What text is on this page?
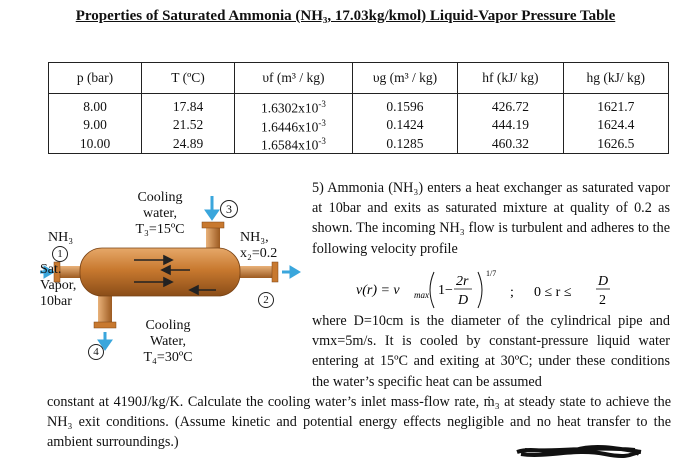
Properties of Saturated Ammonia (NH₃, 17.03kg/kmol) Liquid-Vapor Pressure Table
p (bar)	T (ºC)	υf (m³ / kg)	υg (m³ / kg)	hf (kJ/ kg)	hg (kJ/ kg)
8.00	17.84	$1.6302x10^{-3}$	0.1596	426.72	1621.7
9.00	21.52	$1.6446x10^{-3}$	0.1424	444.19	1624.4
10.00	24.89	$1.6584x10^{-3}$	0.1285	460.32	1626.5
Cooling water, T₃=15ºC
3
NH₃
1
Sat. Vapor, 10bar
NH₃, x₂=0.2
2
4
Cooling Water, T₄=30ºC
5) Ammonia (NH₃) enters a heat exchanger as saturated vapor at 10bar and exits as saturated mixture at quality of 0.2 as shown. The incoming NH₃ flow is turbulent and adheres to the following velocity profile
v(r) = v max 1−
2r
D
1/7
; 0 ≤ r ≤
D
2
where D=10cm is the diameter of the cylindrical pipe and vmx=5m/s. It is cooled by constant-pressure liquid water entering at 15ºC and exiting at 30ºC; under these conditions the water’s specific heat can be assumed
constant at 4190J/kg/K. Calculate the cooling water’s inlet mass-flow rate, ṁ₃ at steady state to achieve the NH₃ exit conditions. (Assume kinetic and potential energy effects negligible and no heat transfer to the ambient surroundings.)
